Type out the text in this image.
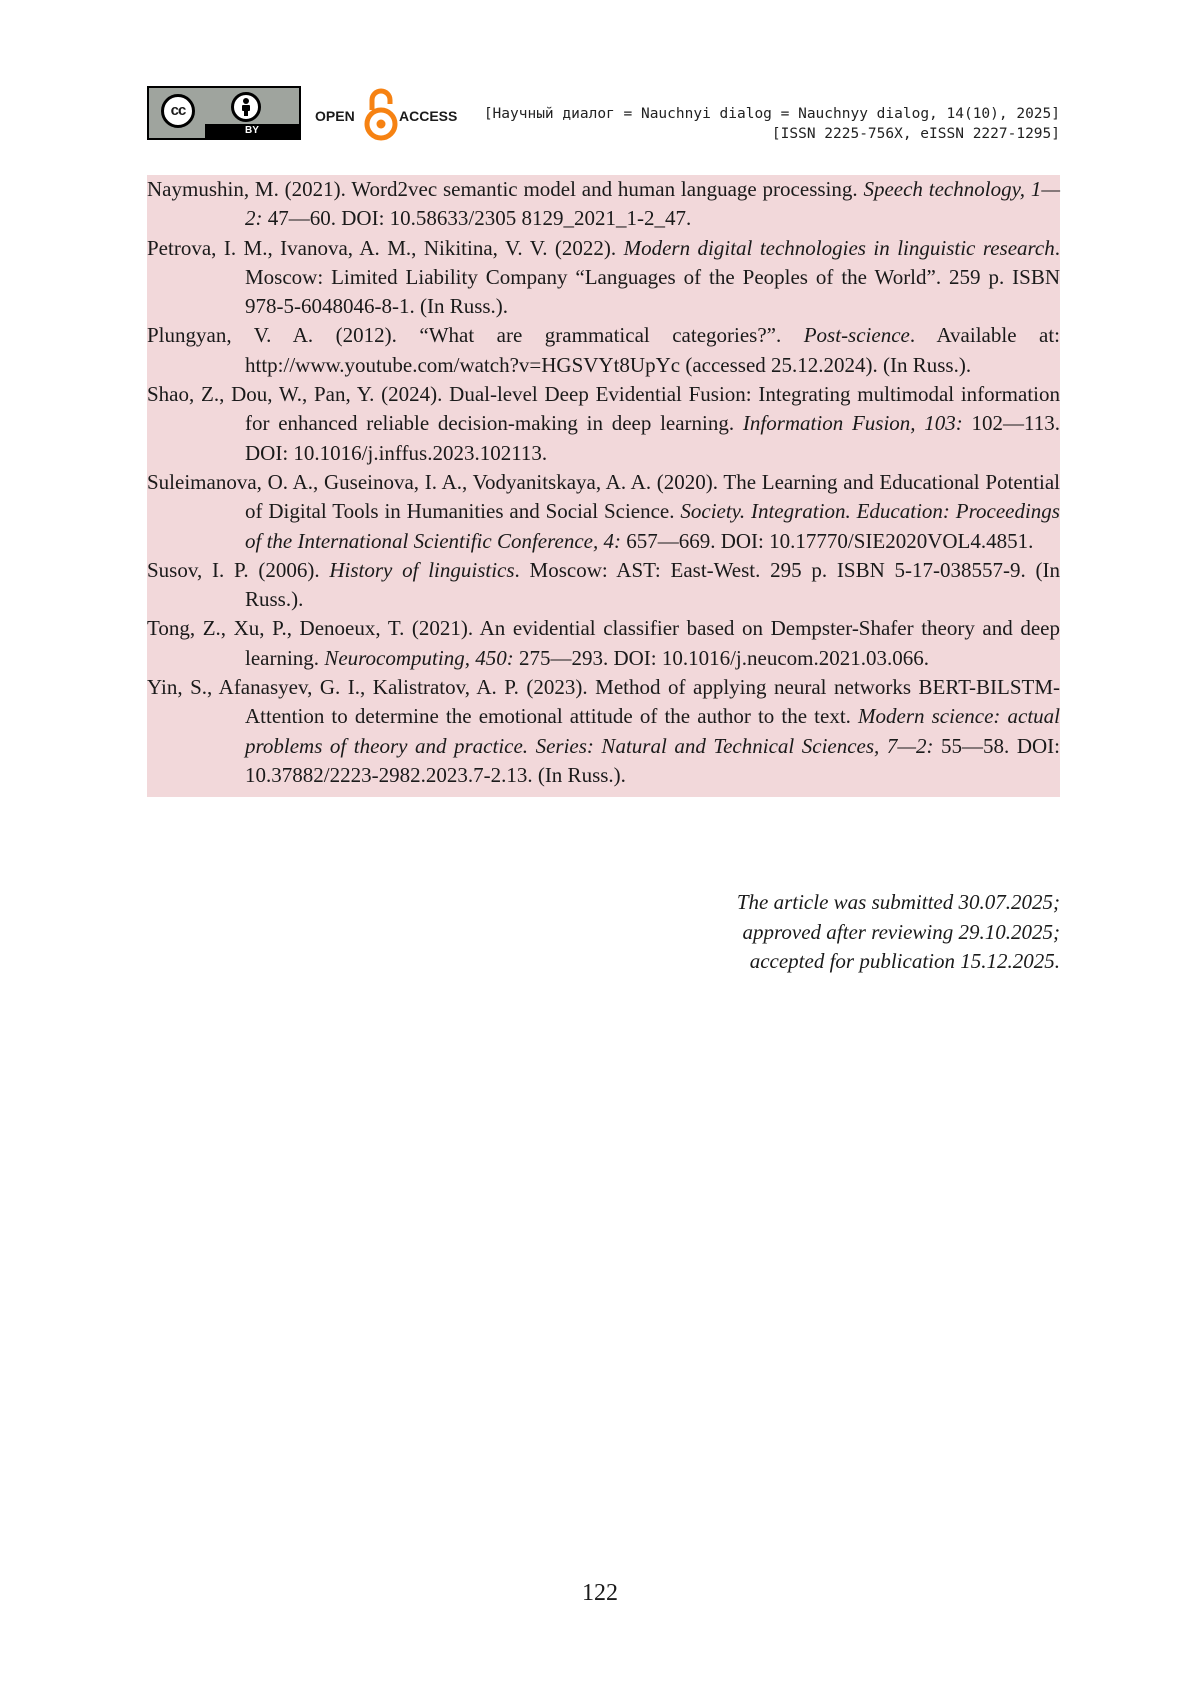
cc
BY
OPEN	ACCESS [Научный диалог = Nauchnyi dialog = Nauchnyy dialog, 14(10), 2025]
[ISSN 2225-756X, eISSN 2227-1295]
Naymushin, M. (2021). Word2vec semantic model and human language processing. Speech technology, 1—2: 47—60. DOI: 10.58633/2305 8129_2021_1-2_47.
Petrova, I. M., Ivanova, A. M., Nikitina, V. V. (2022). Modern digital technologies in linguistic research. Moscow: Limited Liability Company “Languages of the Peoples of the World”. 259 p. ISBN 978-5-6048046-8-1. (In Russ.).
Plungyan, V. A. (2012). “What are grammatical categories?”. Post-science. Available at: http://www.youtube.com/watch?v=HGSVYt8UpYc (accessed 25.12.2024). (In Russ.).
Shao, Z., Dou, W., Pan, Y. (2024). Dual-level Deep Evidential Fusion: Integrating multimodal information for enhanced reliable decision-making in deep learning. Information Fusion, 103: 102—113. DOI: 10.1016/j.inffus.2023.102113.
Suleimanova, O. A., Guseinova, I. A., Vodyanitskaya, A. A. (2020). The Learning and Educational Potential of Digital Tools in Humanities and Social Science. Society. Integration. Education: Proceedings of the International Scientific Conference, 4: 657—669. DOI: 10.17770/SIE2020VOL4.4851.
Susov, I. P. (2006). History of linguistics. Moscow: AST: East-West. 295 p. ISBN 5-17-038557-9. (In Russ.).
Tong, Z., Xu, P., Denoeux, T. (2021). An evidential classifier based on Dempster-Shafer theory and deep learning. Neurocomputing, 450: 275—293. DOI: 10.1016/j.neucom.2021.03.066.
Yin, S., Afanasyev, G. I., Kalistratov, A. P. (2023). Method of applying neural networks BERT-BILSTM-Attention to determine the emotional attitude of the author to the text. Modern science: actual problems of theory and practice. Series: Natural and Technical Sciences, 7—2: 55—58. DOI: 10.37882/2223-2982.2023.7-2.13. (In Russ.).
The article was submitted 30.07.2025;
approved after reviewing 29.10.2025;
accepted for publication 15.12.2025.
122
